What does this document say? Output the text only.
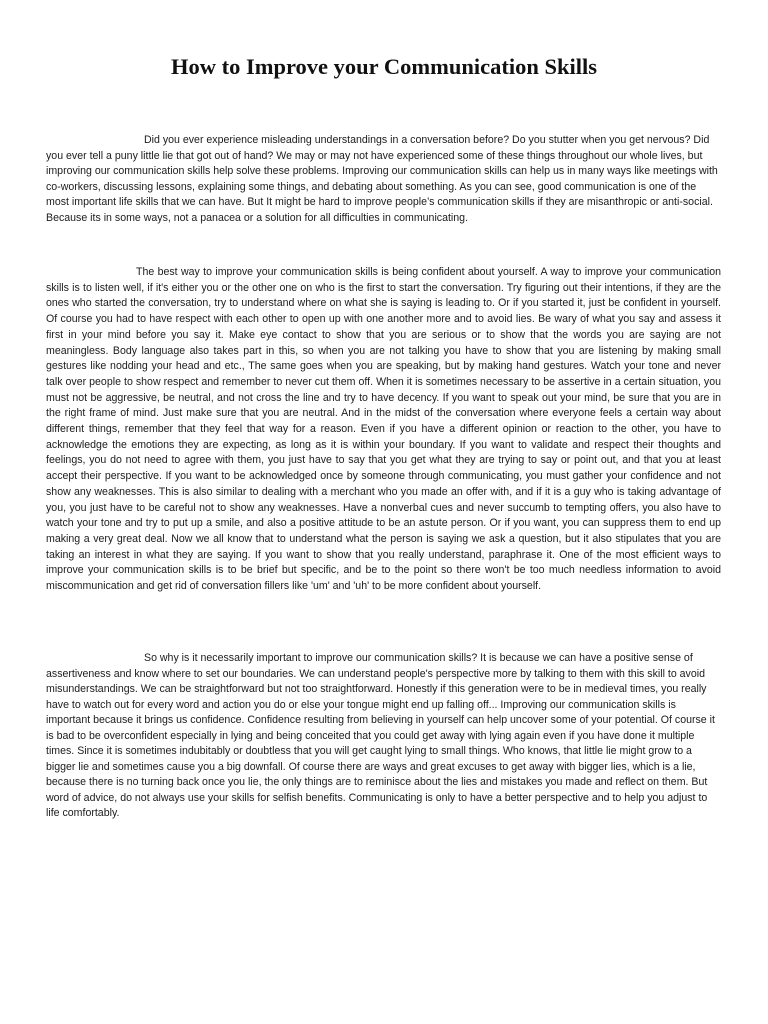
How to Improve your Communication Skills

Did you ever experience misleading understandings in a conversation before? Do you stutter when you get nervous? Did you ever tell a puny little lie that got out of hand? We may or may not have experienced some of these things throughout our whole lives, but improving our communication skills help solve these problems. Improving our communication skills can help us in many ways like meetings with co-workers, discussing lessons, explaining some things, and debating about something. As you can see, good communication is one of the most important life skills that we can have. But It might be hard to improve people’s communication skills if they are misanthropic or anti-social. Because its in some ways, not a panacea or a solution for all difficulties in communicating.

The best way to improve your communication skills is being confident about yourself. A way to improve your communication skills is to listen well, if it's either you or the other one on who is the first to start the conversation. Try figuring out their intentions, if they are the ones who started the conversation, try to understand where on what she is saying is leading to. Or if you started it, just be confident in yourself. Of course you had to have respect with each other to open up with one another more and to avoid lies. Be wary of what you say and assess it first in your mind before you say it. Make eye contact to show that you are serious or to show that the words you are saying are not meaningless. Body language also takes part in this, so when you are not talking you have to show that you are listening by making small gestures like nodding your head and etc., The same goes when you are speaking, but by making hand gestures. Watch your tone and never talk over people to show respect and remember to never cut them off. When it is sometimes necessary to be assertive in a certain situation, you must not be aggressive, be neutral, and not cross the line and try to have decency. If you want to speak out your mind, be sure that you are in the right frame of mind. Just make sure that you are neutral. And in the midst of the conversation where everyone feels a certain way about different things, remember that they feel that way for a reason. Even if you have a different opinion or reaction to the other, you have to acknowledge the emotions they are expecting, as long as it is within your boundary. If you want to validate and respect their thoughts and feelings, you do not need to agree with them, you just have to say that you get what they are trying to say or point out, and that you at least accept their perspective. If you want to be acknowledged once by someone through communicating, you must gather your confidence and not show any weaknesses. This is also similar to dealing with a merchant who you made an offer with, and if it is a guy who is taking advantage of you, you just have to be careful not to show any weaknesses. Have a nonverbal cues and never succumb to tempting offers, you also have to watch your tone and try to put up a smile, and also a positive attitude to be an astute person. Or if you want, you can suppress them to end up making a very great deal. Now we all know that to understand what the person is saying we ask a question, but it also stipulates that you are taking an interest in what they are saying. If you want to show that you really understand, paraphrase it. One of the most efficient ways to improve your communication skills is to be brief but specific, and be to the point so there won't be too much needless information to avoid miscommunication and get rid of conversation fillers like 'um' and 'uh' to be more confident about yourself.

So why is it necessarily important to improve our communication skills? It is because we can have a positive sense of assertiveness and know where to set our boundaries. We can understand people's perspective more by talking to them with this skill to avoid misunderstandings. We can be straightforward but not too straightforward. Honestly if this generation were to be in medieval times, you really have to watch out for every word and action you do or else your tongue might end up falling off... Improving our communication skills is important because it brings us confidence. Confidence resulting from believing in yourself can help uncover some of your potential. Of course it is bad to be overconfident especially in lying and being conceited that you could get away with lying again even if you have done it multiple times. Since it is sometimes indubitably or doubtless that you will get caught lying to small things. Who knows, that little lie might grow to a bigger lie and sometimes cause you a big downfall. Of course there are ways and great excuses to get away with bigger lies, which is a lie, because there is no turning back once you lie, the only things are to reminisce about the lies and mistakes you made and reflect on them. But word of advice, do not always use your skills for selfish benefits. Communicating is only to have a better perspective and to help you adjust to life comfortably.
